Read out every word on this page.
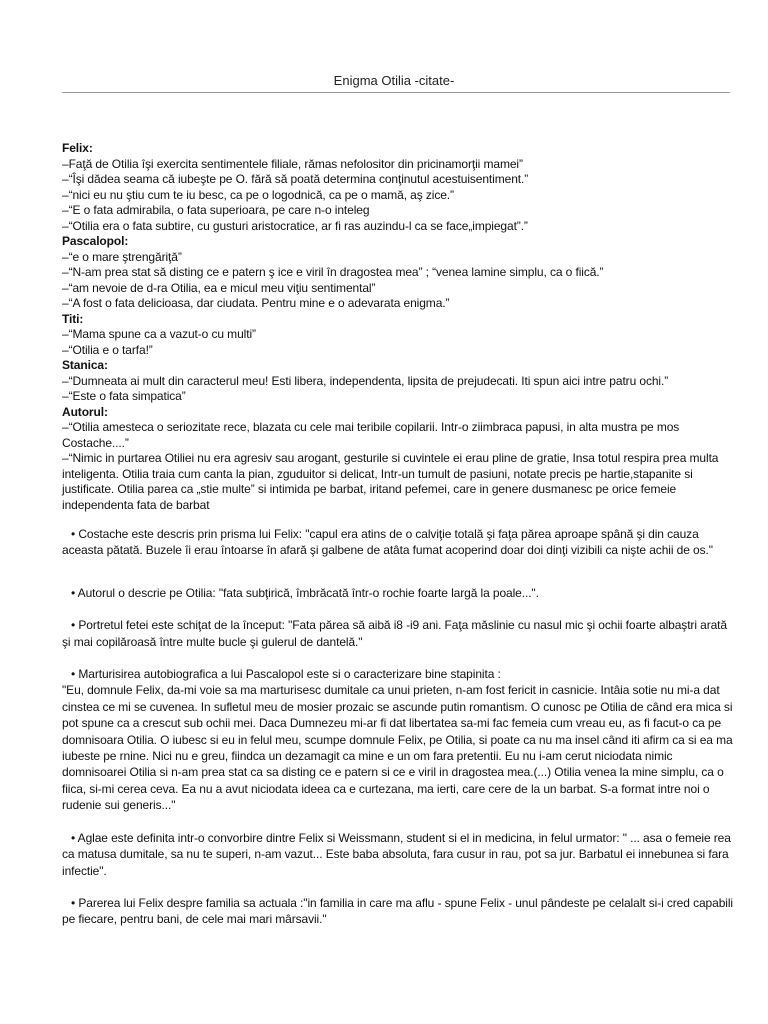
Enigma Otilia -citate-
Felix:
–Faţă de Otilia îşi exercita sentimentele filiale, rămas nefolositor din pricinamorţii mamei”
–“Îşi dădea seama că iubeşte pe O. fără să poată determina conţinutul acestuisentiment.”
–“nici eu nu ştiu cum te iu besc, ca pe o logodnică, ca pe o mamă, aş zice.”
–“E o fata admirabila, o fata superioara, pe care n-o inteleg
–“Otilia era o fata subtire, cu gusturi aristocratice, ar fi ras auzindu-l ca se face„impiegat”.”
Pascalopol:
–“e o mare ştrengăriţă”
–“N-am prea stat să disting ce e patern ş ice e viril în dragostea mea” ; “venea lamine simplu, ca o fiică.”
–“am nevoie de d-ra Otilia, ea e micul meu viţiu sentimental”
–“A fost o fata delicioasa, dar ciudata. Pentru mine e o adevarata enigma.”
Titi:
–“Mama spune ca a vazut-o cu multi”
–“Otilia e o tarfa!”
Stanica:
–“Dumneata ai mult din caracterul meu! Esti libera, independenta, lipsita de prejudecati. Iti spun aici intre patru ochi.”
–“Este o fata simpatica”
Autorul:
–“Otilia amesteca o seriozitate rece, blazata cu cele mai teribile copilarii. Intr-o ziimbraca papusi, in alta mustra pe mos Costache....”
–“Nimic in purtarea Otiliei nu era agresiv sau arogant, gesturile si cuvintele ei erau pline de gratie, Insa totul respira prea multa inteligenta. Otilia traia cum canta la pian, zguduitor si delicat, Intr-un tumult de pasiuni, notate precis pe hartie,stapanite si justificate. Otilia parea ca „stie multe” si intimida pe barbat, iritand pefemei, care in genere dusmanesc pe orice femeie independenta fata de barbat
• Costache este descris prin prisma lui Felix: "capul era atins de o calviţie totală şi faţa părea aproape spână şi din cauza aceasta pătată. Buzele îi erau întoarse în afară şi galbene de atâta fumat acoperind doar doi dinţi vizibili ca nişte achii de os."
• Autorul o descrie pe Otilia: "fata subţirică, îmbrăcată într-o rochie foarte largă la poale...".
• Portretul fetei este schiţat de la început: "Fata părea să aibă i8 -i9 ani. Faţa măslinie cu nasul mic şi ochii foarte albaştri arată şi mai copilăroasă între multe bucle şi gulerul de dantelă."
• Marturisirea autobiografica a lui Pascalopol este si o caracterizare bine stapinita :
"Eu, domnule Felix, da-mi voie sa ma marturisesc dumitale ca unui prieten, n-am fost fericit in casnicie. Intâia sotie nu mi-a dat cinstea ce mi se cuvenea. In sufletul meu de mosier prozaic se ascunde putin romantism. O cunosc pe Otilia de când era mica si pot spune ca a crescut sub ochii mei. Daca Dumnezeu mi-ar fi dat libertatea sa-mi fac femeia cum vreau eu, as fi facut-o ca pe domnisoara Otilia. O iubesc si eu in felul meu, scumpe domnule Felix, pe Otilia, si poate ca nu ma insel când iti afirm ca si ea ma iubeste pe rnine. Nici nu e greu, fiindca un dezamagit ca mine e un om fara pretentii. Eu nu i-am cerut niciodata nimic domnisoarei Otilia si n-am prea stat ca sa disting ce e patern si ce e viril in dragostea mea.(...) Otilia venea la mine simplu, ca o fiica, si-mi cerea ceva. Ea nu a avut niciodata ideea ca e curtezana, ma ierti, care cere de la un barbat. S-a format intre noi o rudenie sui generis..."
• Aglae este definita intr-o convorbire dintre Felix si Weissmann, student si el in medicina, in felul urmator: " ... asa o femeie rea ca matusa dumitale, sa nu te superi, n-am vazut... Este baba absoluta, fara cusur in rau, pot sa jur. Barbatul ei innebunea si fara infectie".
• Parerea lui Felix despre familia sa actuala :"in familia in care ma aflu - spune Felix - unul pândeste pe celalalt si-i cred capabili pe fiecare, pentru bani, de cele mai mari mârsavii."
